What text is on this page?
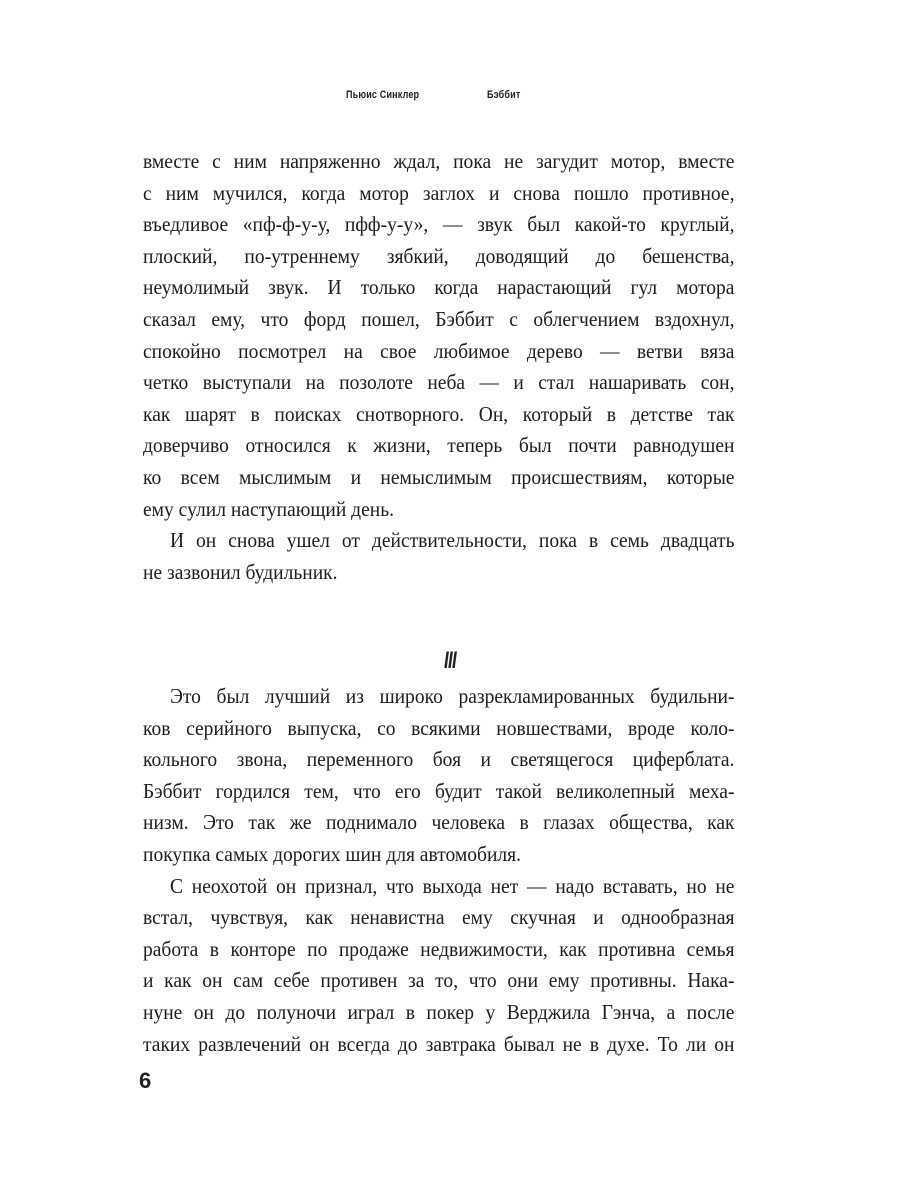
Пьюис Синклер	Бэббит
вместе с ним напряженно ждал, пока не загудит мотор, вместе
с ним мучился, когда мотор заглох и снова пошло противное,
въедливое «пф-ф-у-у, пфф-у-у», — звук был какой-то круглый,
плоский, по-утреннему зябкий, доводящий до бешенства,
неумолимый звук. И только когда нарастающий гул мотора
сказал ему, что форд пошел, Бэббит с облегчением вздохнул,
спокойно посмотрел на свое любимое дерево — ветви вяза
четко выступали на позолоте неба — и стал нашаривать сон,
как шарят в поисках снотворного. Он, который в детстве так
доверчиво относился к жизни, теперь был почти равнодушен
ко всем мыслимым и немыслимым происшествиям, которые
ему сулил наступающий день.
И он снова ушел от действительности, пока в семь двадцать
не зазвонил будильник.
III
Это был лучший из широко разрекламированных будильни-
ков серийного выпуска, со всякими новшествами, вроде коло-
кольного звона, переменного боя и светящегося циферблата.
Бэббит гордился тем, что его будит такой великолепный меха-
низм. Это так же поднимало человека в глазах общества, как
покупка самых дорогих шин для автомобиля.
С неохотой он признал, что выхода нет — надо вставать, но не
встал, чувствуя, как ненавистна ему скучная и однообразная
работа в конторе по продаже недвижимости, как противна семья
и как он сам себе противен за то, что они ему противны. Нака-
нуне он до полуночи играл в покер у Верджила Гэнча, а после
таких развлечений он всегда до завтрака бывал не в духе. То ли он
6
